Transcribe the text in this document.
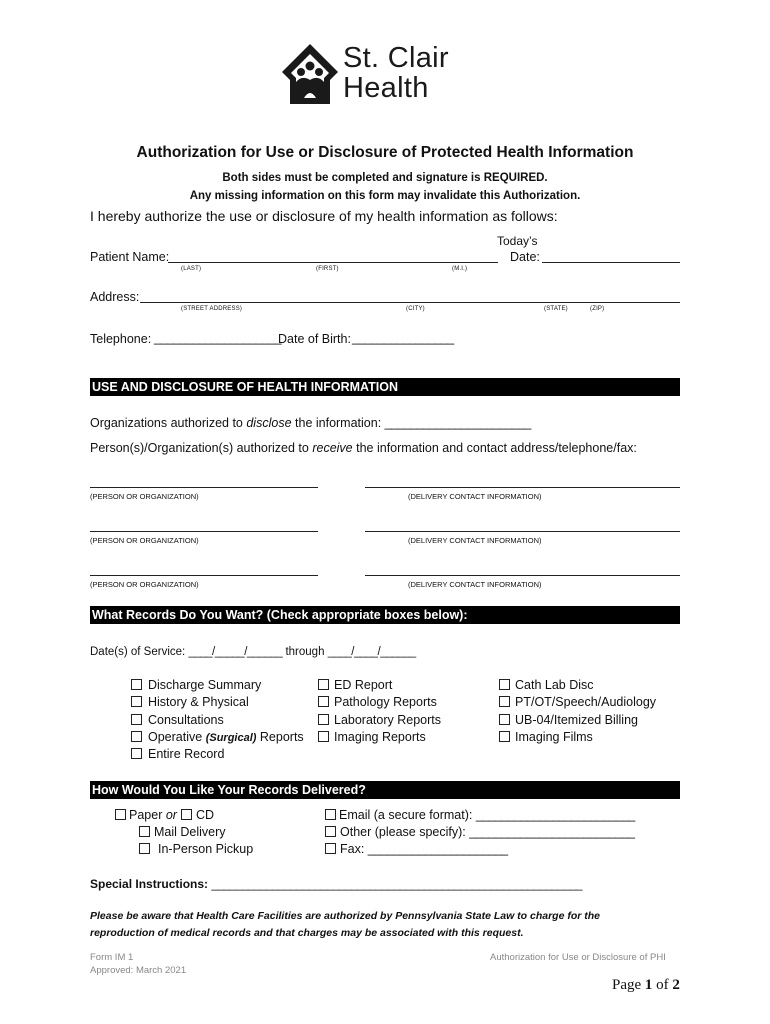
St. Clair
Health
Authorization for Use or Disclosure of Protected Health Information
Both sides must be completed and signature is REQUIRED.
Any missing information on this form may invalidate this Authorization.
I hereby authorize the use or disclosure of my health information as follows:
Patient Name:
(LAST)	(FIRST)	(M.I.)
Today’s
Date:
Address:
(STREET ADDRESS)	(CITY)	(STATE)	(ZIP)
Telephone: ____________________
Date of Birth: ________________
USE AND DISCLOSURE OF HEALTH INFORMATION
Organizations authorized to disclose the information: _______________________
Person(s)/Organization(s) authorized to receive the information and contact address/telephone/fax:
(PERSON OR ORGANIZATION)	(DELIVERY CONTACT INFORMATION)
(PERSON OR ORGANIZATION)	(DELIVERY CONTACT INFORMATION)
(PERSON OR ORGANIZATION)	(DELIVERY CONTACT INFORMATION)
What Records Do You Want? (Check appropriate boxes below):
Date(s) of Service: ____/_____/______ through ____/____/______
Discharge Summary
History & Physical
Consultations
Operative (Surgical) Reports
Entire Record
ED Report
Pathology Reports
Laboratory Reports
Imaging Reports
Cath Lab Disc
PT/OT/Speech/Audiology
UB-04/Itemized Billing
Imaging Films
How Would You Like Your Records Delivered?
Paper or CD
Mail Delivery
In-Person Pickup
Email (a secure format): _________________________
Other (please specify): __________________________
Fax: ______________________
Special Instructions: _____________________________________________________________
Please be aware that Health Care Facilities are authorized by Pennsylvania State Law to charge for the
reproduction of medical records and that charges may be associated with this request.
Form IM 1
Approved: March 2021
Authorization for Use or Disclosure of PHI
Page 1 of 2
